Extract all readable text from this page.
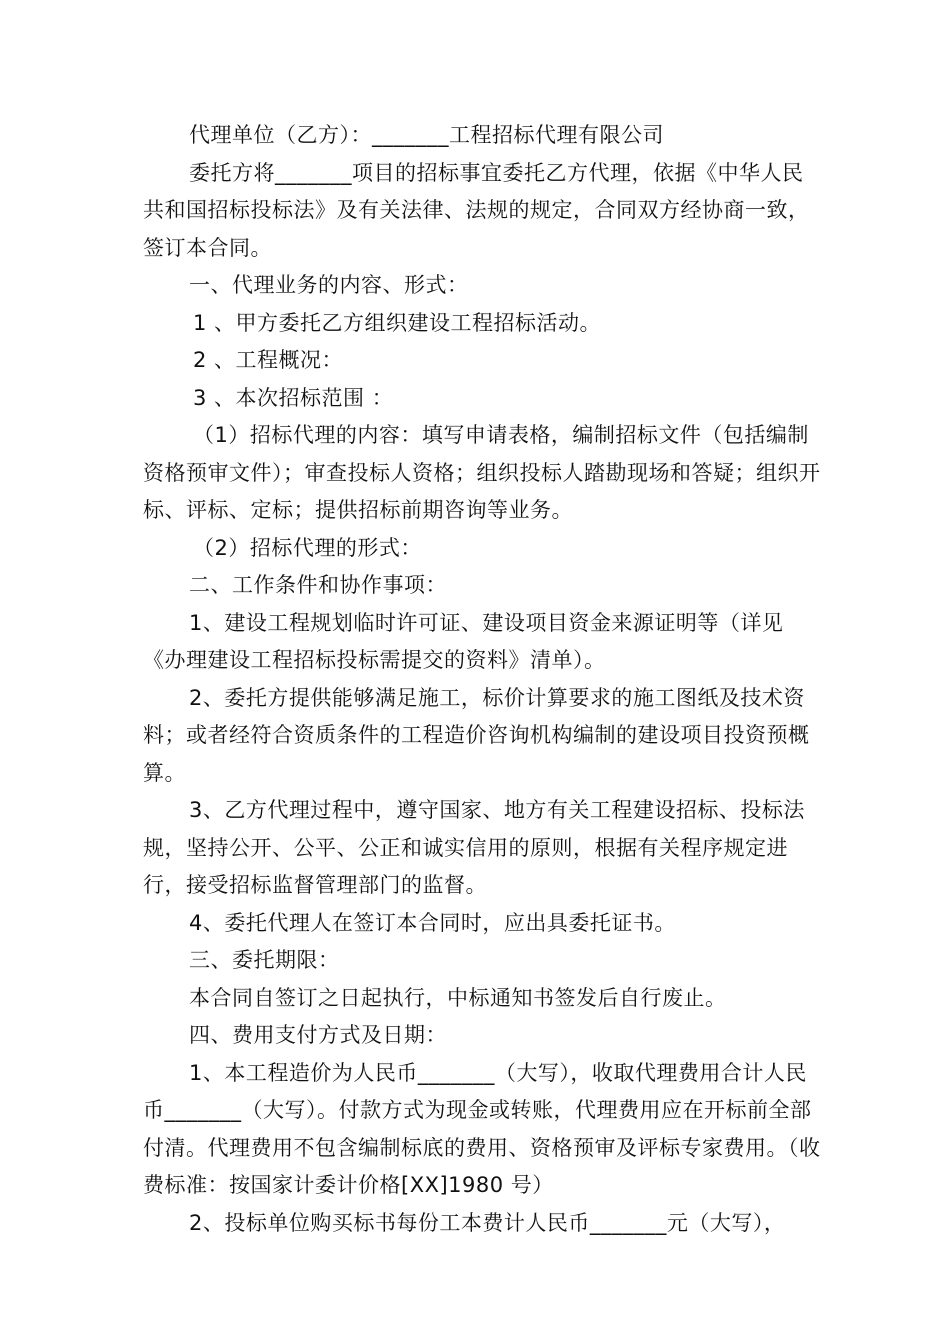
代理单位（乙方）：_______工程招标代理有限公司

委托方将_______项目的招标事宜委托乙方代理，依据《中华人民共和国招标投标法》及有关法律、法规的规定，合同双方经协商一致，签订本合同。

一、代理业务的内容、形式：

1 、甲方委托乙方组织建设工程招标活动。

2 、工程概况：

3 、本次招标范围 ：

（1）招标代理的内容：填写申请表格，编制招标文件（包括编制资格预审文件）；审查投标人资格；组织投标人踏勘现场和答疑；组织开标、评标、定标；提供招标前期咨询等业务。

（2）招标代理的形式：

二、工作条件和协作事项：

1、建设工程规划临时许可证、建设项目资金来源证明等（详见《办理建设工程招标投标需提交的资料》清单）。

2、委托方提供能够满足施工，标价计算要求的施工图纸及技术资料；或者经符合资质条件的工程造价咨询机构编制的建设项目投资预概算。

3、乙方代理过程中，遵守国家、地方有关工程建设招标、投标法规，坚持公开、公平、公正和诚实信用的原则，根据有关程序规定进行，接受招标监督管理部门的监督。

4、委托代理人在签订本合同时，应出具委托证书。

三、委托期限：

本合同自签订之日起执行，中标通知书签发后自行废止。

四、费用支付方式及日期：

1、本工程造价为人民币_______（大写），收取代理费用合计人民币_______（大写）。付款方式为现金或转账，代理费用应在开标前全部付清。代理费用不包含编制标底的费用、资格预审及评标专家费用。（收费标准：按国家计委计价格[XX]1980 号）

2、投标单位购买标书每份工本费计人民币_______元（大写），
